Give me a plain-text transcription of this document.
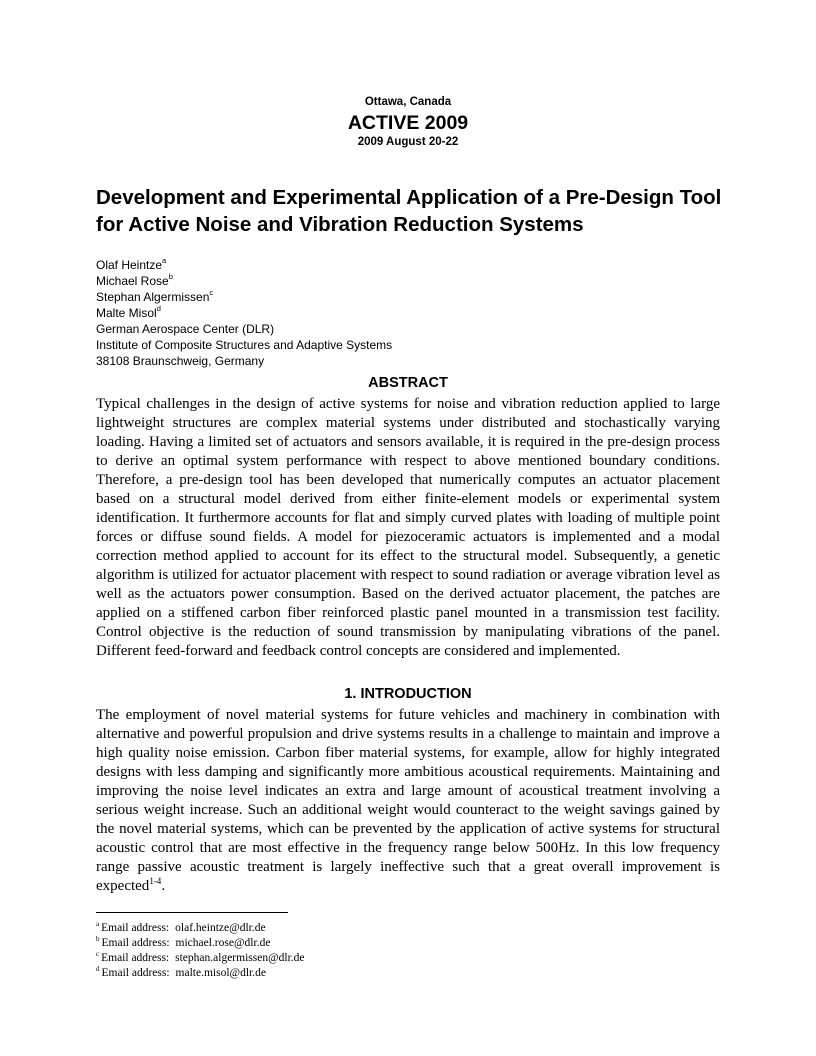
Ottawa, Canada
ACTIVE 2009
2009 August 20-22
Development and Experimental Application of a Pre-Design Tool for Active Noise and Vibration Reduction Systems
Olaf Heintze$^a$
Michael Rose$^b$
Stephan Algermissen$^c$
Malte Misol$^d$
German Aerospace Center (DLR)
Institute of Composite Structures and Adaptive Systems
38108 Braunschweig, Germany
ABSTRACT

Typical challenges in the design of active systems for noise and vibration reduction applied to large lightweight structures are complex material systems under distributed and stochastically varying loading. Having a limited set of actuators and sensors available, it is required in the pre-design process to derive an optimal system performance with respect to above mentioned boundary conditions. Therefore, a pre-design tool has been developed that numerically computes an actuator placement based on a structural model derived from either finite-element models or experimental system identification. It furthermore accounts for flat and simply curved plates with loading of multiple point forces or diffuse sound fields. A model for piezoceramic actuators is implemented and a modal correction method applied to account for its effect to the structural model. Subsequently, a genetic algorithm is utilized for actuator placement with respect to sound radiation or average vibration level as well as the actuators power consumption. Based on the derived actuator placement, the patches are applied on a stiffened carbon fiber reinforced plastic panel mounted in a transmission test facility. Control objective is the reduction of sound transmission by manipulating vibrations of the panel. Different feed-forward and feedback control concepts are considered and implemented.

1. INTRODUCTION

The employment of novel material systems for future vehicles and machinery in combination with alternative and powerful propulsion and drive systems results in a challenge to maintain and improve a high quality noise emission. Carbon fiber material systems, for example, allow for highly integrated designs with less damping and significantly more ambitious acoustical requirements. Maintaining and improving the noise level indicates an extra and large amount of acoustical treatment involving a serious weight increase. Such an additional weight would counteract to the weight savings gained by the novel material systems, which can be prevented by the application of active systems for structural acoustic control that are most effective in the frequency range below 500Hz. In this low frequency range passive acoustic treatment is largely ineffective such that a great overall improvement is expected$^{1-4}$.

$^a$ Email address: olaf.heintze@dlr.de
$^b$ Email address: michael.rose@dlr.de
$^c$ Email address: stephan.algermissen@dlr.de
$^d$ Email address: malte.misol@dlr.de
